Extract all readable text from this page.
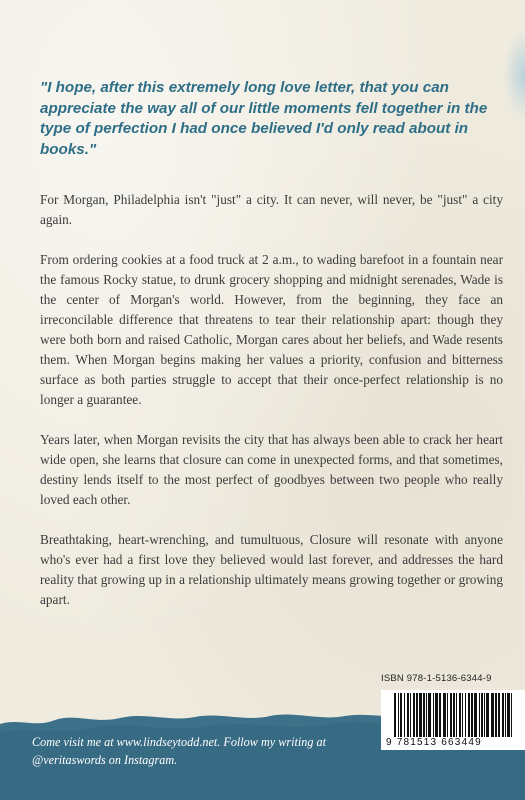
"I hope, after this extremely long love letter, that you can appreciate the way all of our little moments fell together in the type of perfection I had once believed I'd only read about in books."

For Morgan, Philadelphia isn't "just" a city. It can never, will never, be "just" a city again.

From ordering cookies at a food truck at 2 a.m., to wading barefoot in a fountain near the famous Rocky statue, to drunk grocery shopping and midnight serenades, Wade is the center of Morgan's world. However, from the beginning, they face an irreconcilable difference that threatens to tear their relationship apart: though they were both born and raised Catholic, Morgan cares about her beliefs, and Wade resents them. When Morgan begins making her values a priority, confusion and bitterness surface as both parties struggle to accept that their once-perfect relationship is no longer a guarantee.

Years later, when Morgan revisits the city that has always been able to crack her heart wide open, she learns that closure can come in unexpected forms, and that sometimes, destiny lends itself to the most perfect of goodbyes between two people who really loved each other.

Breathtaking, heart-wrenching, and tumultuous, Closure will resonate with anyone who's ever had a first love they believed would last forever, and addresses the hard reality that growing up in a relationship ultimately means growing together or growing apart.

Come visit me at www.lindseytodd.net. Follow my writing at
@veritaswords on Instagram.
ISBN 978-1-5136-6344-9
9 781513 663449
